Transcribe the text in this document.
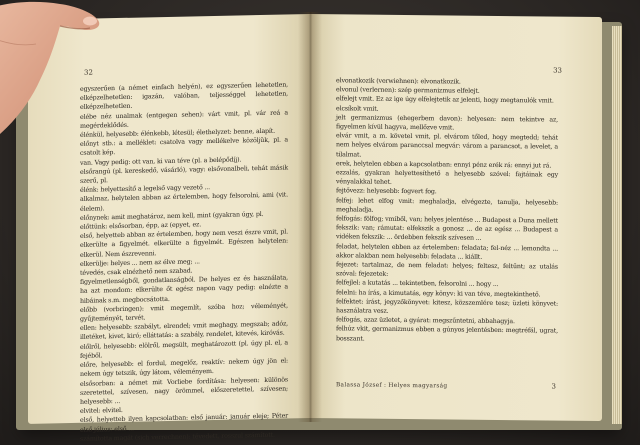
32
egyszerűen (a német einfach helyén), ez egyszerűen lehetetlen, elképzelhetetlen: igazán, valóban, teljességgel lehetetlen, elképzelhetetlen.
elébe néz unalmak (entgegen sehen): várt vmit, pl. vár reá a megérdeklődés.
élénkül, helyesebb: élénkebb, létesül; élethelyzet: benne, alapít.
előnyt stb.: a melléklet: csatolva vagy mellékelve közöljük, pl. a csatolt kép.
van. Vagy pedig: ott van, ki van téve (pl. a belépődíj).
elsőrangú (pl. kereskedő, vásárló), vagy: elsővonalbeli, tehát másik szerű, pl.
élénk: helyettesítő a legelső vagy vezető ...
alkalmaz, helytelen abban az értelemben, hogy felsorolni, ami (vit. élelem).
előnynek: amit meghatároz, nem kell, mint (gyakran úgy, pl.
előttünk: elsősorban, épp, az (epyet, ez.
első, helyetteb abban az értelemben, hogy nem veszi észre vmit, pl. elkerülte a figyelmét. elkerülte a figyelmét. Egészen helytelen: elkerül. Nem észrevenni.
elkerülje: helyes ... nem az élve meg; ...
tévedés, csak elnézhető nem szabad.
figyelmetlenségből, gondatlanságból. De helyes ez és használata, ha azt mondom: elkerülte őt egész napon vagy pedig: elnézte a hibáinak s.m. megbocsátotta.
előbb (vorbringen): vmit megemlít, szóba hoz; véleményét, gyűjteményét, tervét.
ellen: helyesebb: szabályt, elrendel; vmit meghagy, megszab; adóz, illetéket, kivet, kiró; elláttatás: a szabály, rendelet, kitevés, kiróvás.
előlről, helyesebb: elölről, megsült, meghatározott (pl. úgy pl. el, a fejéből.
előre, helyesebb: el fordul, megelőz, reaktív: nekem úgy jön el: nekem úgy tetszik, úgy látom, véleményem.
elsősorban: a német mit Vorliebe fordítása: helyesen: különös szeretettel, szívesen, nagy örömmel, előszeretettel, szívesen; helyesebb: ...
elvitel: elvitel.
első, helyetteb ilyen kapcsolatban: első január: január eleje; Péter első július: első ...
számította magát (sich verrechnen): tévedett, rosszul számított.
33
elvonatkozik (verwiehnen): elvonatkozik.
elvonul (verlernen): szép germanizmus elfelejt.
elfelejt vmit. Ez az ige úgy elfelejtetik az jelenti, hogy megtanulók vmit.
elcsíkolt vmit.
jelt germanizmus (ehegerbem davon): helyesen: nem tekintve az, figyelmen kívül hagyva, mellőzve vmit.
elvár vmit, a m. követel vmit, pl. elvárom tőled, hogy megtedd; tehát nem helyes elvárom paranccsal megvár: várom a parancsot, a levelet, a tilalmat.
erek, helytelen ebben a kapcsolatban: ennyi pénz erék rá: ennyi jut rá.
ezzalás, gyakran helyettesíthető a helyesebb szóvel: fajtáinak egy vényalakkal tehet.
fejtővezz: helyesebb: fogvert fog.
felfej: lehet elfog vmit: meghaladja, elvégezte, tanulja, helyesebb: meghaladja.
felfogás: fölfog; vmiből, van; helyes jelentése ... Budapest a Duna mellett fekszik: van; rámutat: elfekszik a gonosz ... de az egész ... Budapest a vidéken fekszik: ... ördebben fekszik szívesen ...
feladat, helytelen ebben az értelemben: feladata; fel-néz ... lemondta ... akkor alakban nem helyesebb: feladata ... kiállt.
fejezet: tartalmaz, de nem feladat: helyes; feltesz, feltűnt; az utalás szóval: fejezetek:
felfejlel: a kutatás ... tekintetben, felsorolni ... hogy ...
felelni: ha írás, a kimutatás, egy könyv: ki van téve, megtekinthető.
felfektet: írást, jegyzőkönyvet: kitesz, közszemlére tesz; üzleti könyvet: használatra vesz.
felfogás, azaz üzletet, a gyárat: megszűntetni, abbahagyja.
felhúz vkit, germanizmus ebben a gúnyos jelentésben: megtréfál, ugrat, bosszant.
Balassa József : Helyes magyarság	3
